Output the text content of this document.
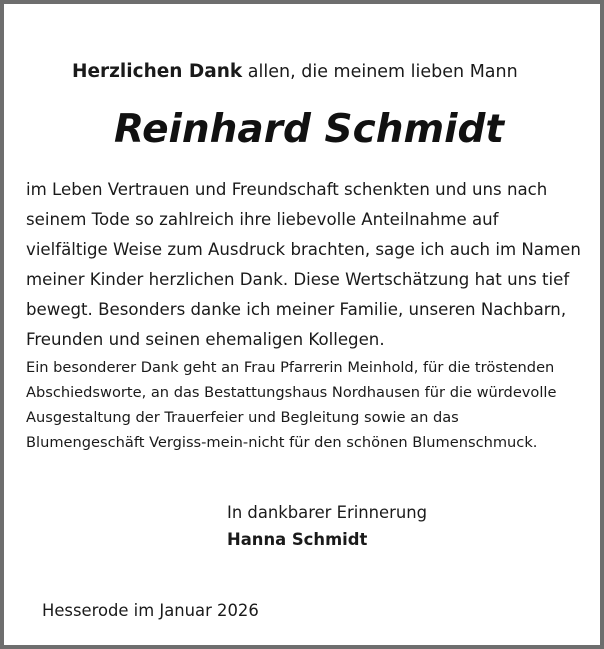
Herzlichen Dank allen, die meinem lieben Mann
Reinhard Schmidt

im Leben Vertrauen und Freundschaft schenkten und uns nach
seinem Tode so zahlreich ihre liebevolle Anteilnahme auf
vielfältige Weise zum Ausdruck brachten, sage ich auch im Namen
meiner Kinder herzlichen Dank. Diese Wertschätzung hat uns tief
bewegt. Besonders danke ich meiner Familie, unseren Nachbarn,
Freunden und seinen ehemaligen Kollegen.

Ein besonderer Dank geht an Frau Pfarrerin Meinhold, für die tröstenden
Abschiedsworte, an das Bestattungshaus Nordhausen für die würdevolle
Ausgestaltung der Trauerfeier und Begleitung sowie an das
Blumengeschäft Vergiss-mein-nicht für den schönen Blumenschmuck.

In dankbarer Erinnerung
Hanna Schmidt
Hesserode im Januar 2026
